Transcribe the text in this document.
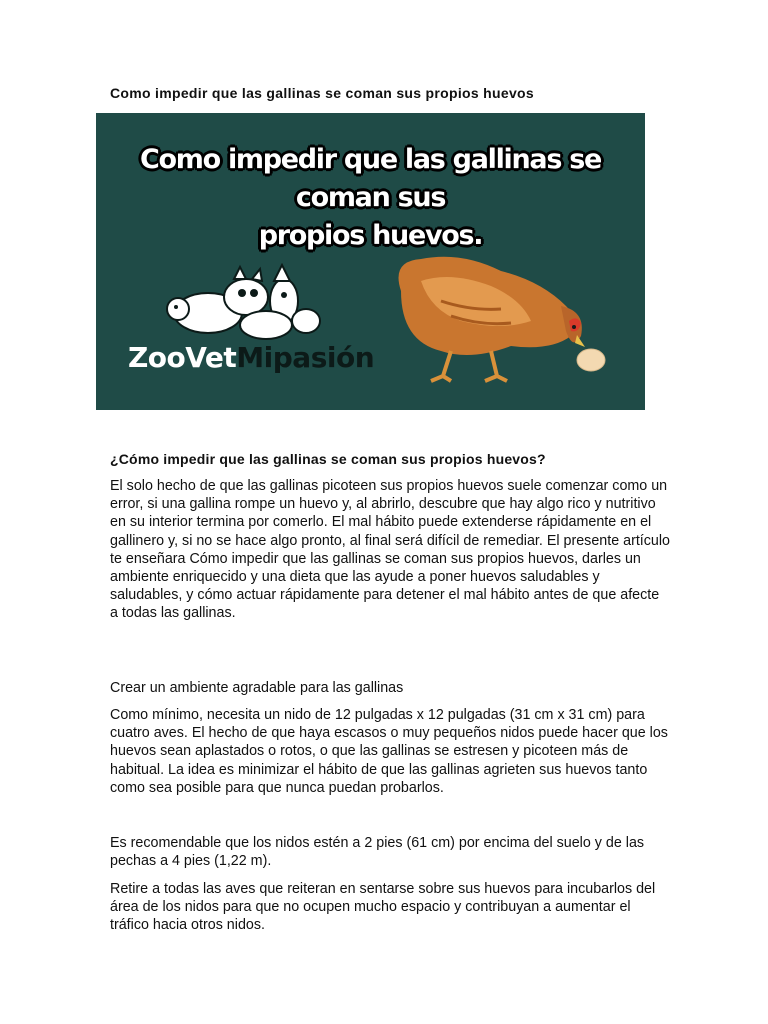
Como impedir que las gallinas se coman sus propios huevos
Como impedir que las gallinas se coman sus
propios huevos.
ZooVetMipasión
¿Cómo impedir que las gallinas se coman sus propios huevos?

El solo hecho de que las gallinas picoteen sus propios huevos suele comenzar como un error, si una gallina rompe un huevo y, al abrirlo, descubre que hay algo rico y nutritivo en su interior termina por comerlo. El mal hábito puede extenderse rápidamente en el gallinero y, si no se hace algo pronto, al final será difícil de remediar. El presente artículo te enseñara Cómo impedir que las gallinas se coman sus propios huevos, darles un ambiente enriquecido y una dieta que las ayude a poner huevos saludables y saludables, y cómo actuar rápidamente para detener el mal hábito antes de que afecte a todas las gallinas.

Crear un ambiente agradable para las gallinas

Como mínimo, necesita un nido de 12 pulgadas x 12 pulgadas (31 cm x 31 cm) para cuatro aves. El hecho de que haya escasos o muy pequeños nidos puede hacer que los huevos sean aplastados o rotos, o que las gallinas se estresen y picoteen más de habitual. La idea es minimizar el hábito de que las gallinas agrieten sus huevos tanto como sea posible para que nunca puedan probarlos.

Es recomendable que los nidos estén a 2 pies (61 cm) por encima del suelo y de las pechas a 4 pies (1,22 m).

Retire a todas las aves que reiteran en sentarse sobre sus huevos para incubarlos del área de los nidos para que no ocupen mucho espacio y contribuyan a aumentar el tráfico hacia otros nidos.
